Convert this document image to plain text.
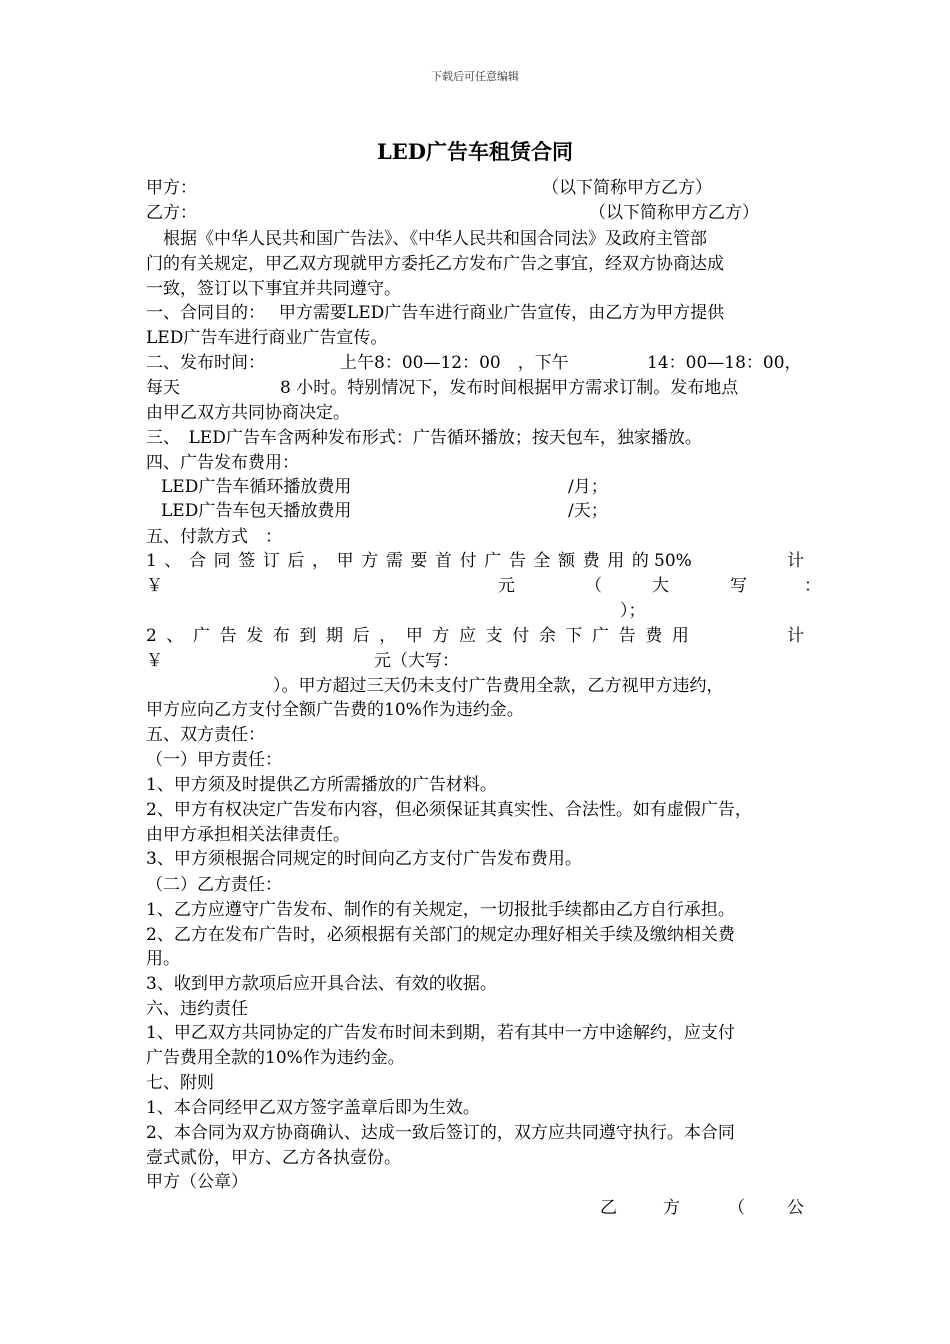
下载后可任意编辑
LED广告车租赁合同
甲方：	（以下简称甲方乙方）
乙方：	（以下简称甲方乙方）
　根据《中华人民共和国广告法》、《中华人民共和国合同法》及政府主管部
门的有关规定，甲乙双方现就甲方委托乙方发布广告之事宜，经双方协商达成
一致，签订以下事宜并共同遵守。
一、合同目的：　 甲方需要LED广告车进行商业广告宣传，由乙方为甲方提供
LED广告车进行商业广告宣传。
二、发布时间：	上午8：00—12：00　，下午	14：00—18：00，
每天	8 小时。特别情况下，发布时间根据甲方需求订制。发布地点
由甲乙双方共同协商决定。
三、　LED广告车含两种发布形式：广告循环播放；按天包车，独家播放。
四、广告发布费用：
LED广告车循环播放费用	/月；
LED广告车包天播放费用	/天；
五、付款方式　：
1、合同签订后，甲方需要首付广告全额费用的
50%	计
￥	元	（	大	写	：
）；
2、广告发布到期后，甲方应支付余下广告费用	计
￥	元（大写：
）。甲方超过三天仍未支付广告费用全款，乙方视甲方违约，
甲方应向乙方支付全额广告费的10%作为违约金。
五、双方责任：
（一）甲方责任：
1、甲方须及时提供乙方所需播放的广告材料。
2、甲方有权决定广告发布内容，但必须保证其真实性、合法性。如有虚假广告，
由甲方承担相关法律责任。
3、甲方须根据合同规定的时间向乙方支付广告发布费用。
（二）乙方责任：
1、乙方应遵守广告发布、制作的有关规定，一切报批手续都由乙方自行承担。
2、乙方在发布广告时，必须根据有关部门的规定办理好相关手续及缴纳相关费
用。
3、收到甲方款项后应开具合法、有效的收据。
六、违约责任
1、甲乙双方共同协定的广告发布时间未到期，若有其中一方中途解约，应支付
广告费用全款的10%作为违约金。
七、附则
1、本合同经甲乙双方签字盖章后即为生效。
2、本合同为双方协商确认、达成一致后签订的，双方应共同遵守执行。本合同
壹式贰份，甲方、乙方各执壹份。
甲方（公章）
乙	方	（ 公
